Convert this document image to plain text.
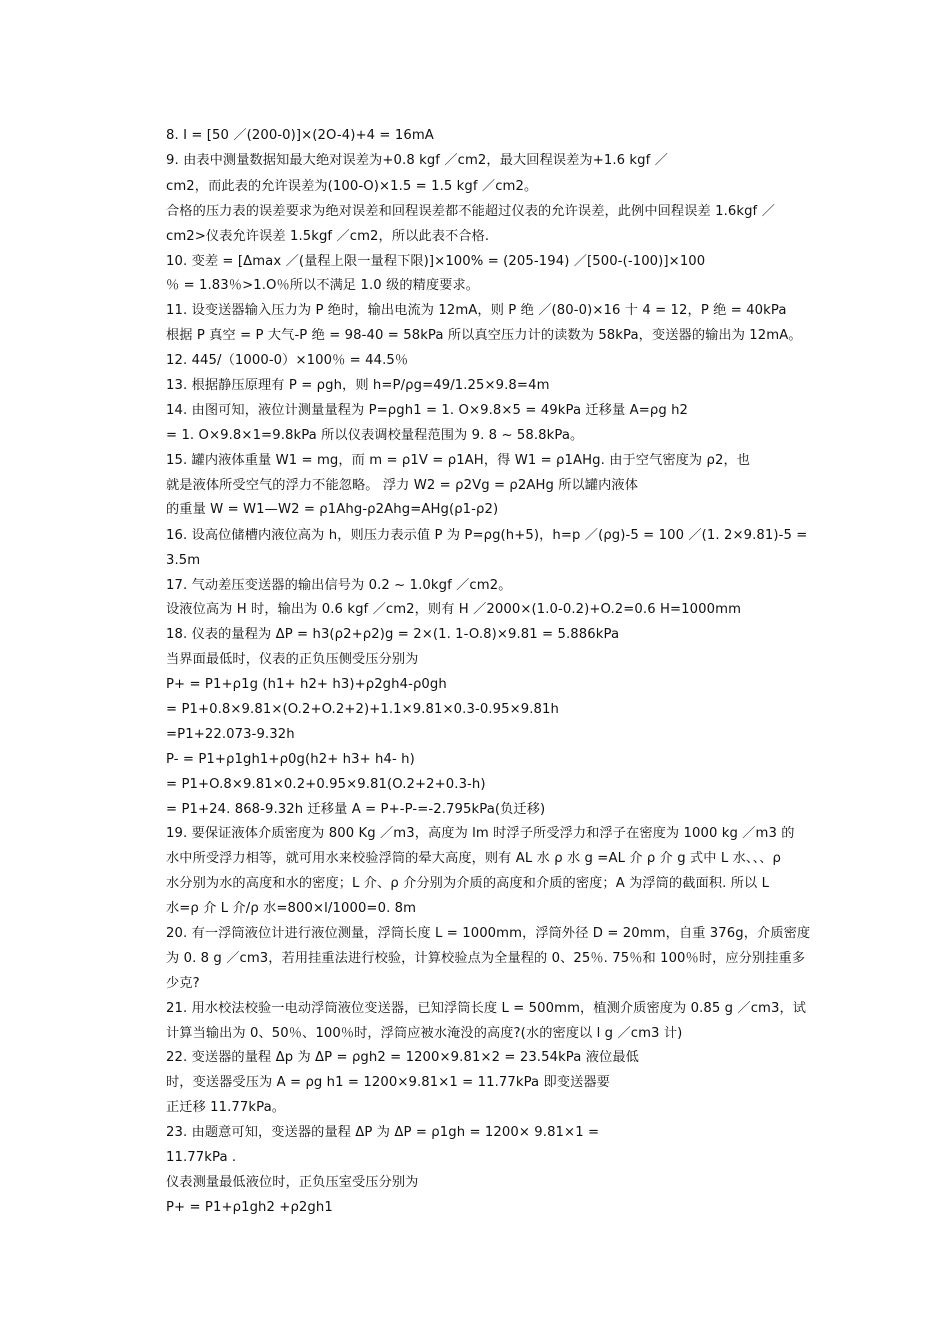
8. I = [50 ／(200-0)]×(2O-4)+4 = 16mA
9. 由表中测量数据知最大绝对误差为+0.8 kgf ／cm2，最大回程误差为+1.6 kgf ／
cm2，而此表的允许误差为(100-O)×1.5 = 1.5 kgf ／cm2。
合格的压力表的误差要求为绝对误差和回程误差都不能超过仪表的允许误差，此例中回程误差 1.6kgf ／
cm2>仪表允许误差 1.5kgf ／cm2，所以此表不合格.
10. 变差 = [Δmax ／(量程上限一量程下限)]×100% = (205-194) ／[500-(-100)]×100
％ = 1.83％>1.O％所以不满足 1.0 级的精度要求。
11. 设变送器输入压力为 P 绝时，输出电流为 12mA，则 P 绝 ／(80-0)×16 十 4 = 12，P 绝 = 40kPa
根据 P 真空 = P 大气-P 绝 = 98-40 = 58kPa 所以真空压力计的读数为 58kPa，变送器的输出为 12mA。
12. 445/（1000-0）×100％ = 44.5％
13. 根据静压原理有 P = ρgh，则 h=P/ρg=49/1.25×9.8=4m
14. 由图可知，液位计测量量程为 P=ρgh1 = 1. O×9.8×5 = 49kPa 迁移量 A=ρg h2
= 1. O×9.8×1=9.8kPa 所以仪表调校量程范围为 9. 8 ~ 58.8kPa。
15. 罐内液体重量 W1 = mg，而 m = ρ1V = ρ1AH，得 W1 = ρ1AHg. 由于空气密度为 ρ2，也
就是液体所受空气的浮力不能忽略。 浮力 W2 = ρ2Vg = ρ2AHg 所以罐内液体
的重量 W = W1—W2 = ρ1Ahg-ρ2Ahg=AHg(ρ1-ρ2)
16. 设高位储槽内液位高为 h，则压力表示值 P 为 P=ρg(h+5)，h=p ／(ρg)-5 = 100 ／(1. 2×9.81)-5 =
3.5m
17. 气动差压变送器的输出信号为 0.2 ~ 1.0kgf ／cm2。
设液位高为 H 时，输出为 0.6 kgf ／cm2，则有 H ／2000×(1.0-0.2)+O.2=0.6 H=1000mm
18. 仪表的量程为 ΔP = h3(ρ2+ρ2)g = 2×(1. 1-O.8)×9.81 = 5.886kPa
当界面最低时，仪表的正负压侧受压分别为
P+ = P1+ρ1g (h1+ h2+ h3)+ρ2gh4-ρ0gh
= P1+0.8×9.81×(O.2+O.2+2)+1.1×9.81×0.3-0.95×9.81h
=P1+22.073-9.32h
P- = P1+ρ1gh1+ρ0g(h2+ h3+ h4- h)
= P1+O.8×9.81×0.2+0.95×9.81(O.2+2+0.3-h)
= P1+24. 868-9.32h 迁移量 A = P+-P-=-2.795kPa(负迁移)
19. 要保证液体介质密度为 800 Kg ／m3，高度为 lm 时浮子所受浮力和浮子在密度为 1000 kg ／m3 的
水中所受浮力相等，就可用水来校验浮筒的晕大高度，则有 AL 水 ρ 水 g =AL 介 ρ 介 g 式中 L 水、、、ρ
水分别为水的高度和水的密度；L 介、ρ 介分别为介质的高度和介质的密度；A 为浮筒的截面积. 所以 L
水=ρ 介 L 介/ρ 水=800×l/1000=0. 8m
20. 有一浮筒液位计进行液位测量，浮筒长度 L = 1000mm，浮筒外径 D = 20mm，自重 376g，介质密度
为 0. 8 g ／cm3，若用挂重法进行校验，计算校验点为全量程的 0、25％. 75％和 100％时，应分别挂重多
少克?
21. 用水校法校验一电动浮筒液位变送器，已知浮筒长度 L = 500mm，植测介质密度为 0.85 g ／cm3，试
计算当输出为 0、50％、100％时，浮筒应被水淹没的高度?(水的密度以 l g ／cm3 计)
22. 变送器的量程 Δp 为 ΔP = ρgh2 = 1200×9.81×2 = 23.54kPa 液位最低
时，变送器受压为 A = ρg h1 = 1200×9.81×1 = 11.77kPa 即变送器要
正迁移 11.77kPa。
23. 由题意可知，变送器的量程 ΔP 为 ΔP = ρ1gh = 1200× 9.81×1 =
11.77kPa .
仪表测量最低液位时，正负压室受压分别为
P+ = P1+ρ1gh2 +ρ2gh1
